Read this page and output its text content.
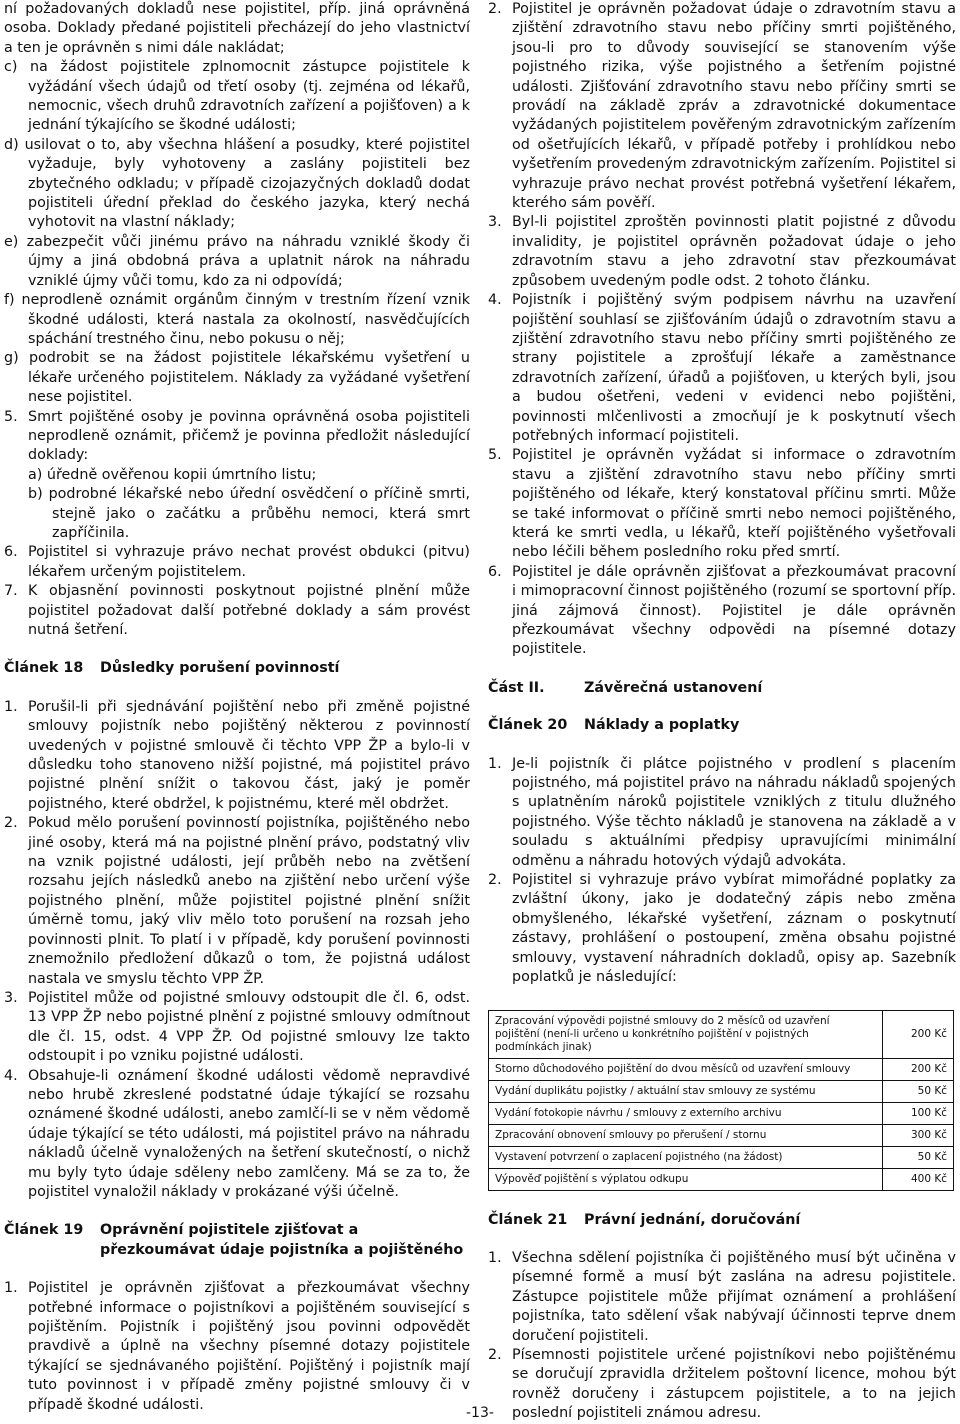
ní požadovaných dokladů nese pojistitel, příp. jiná oprávněná osoba. Doklady předané pojistiteli přecházejí do jeho vlastnictví a ten je oprávněn s nimi dále nakládat;

c) na žádost pojistitele zplnomocnit zástupce pojistitele k vyžádání všech údajů od třetí osoby (tj. zejména od lékařů, nemocnic, všech druhů zdravotních zařízení a pojišťoven) a k jednání týkajícího se škodné události;

d) usilovat o to, aby všechna hlášení a posudky, které pojistitel vyžaduje, byly vyhotoveny a zaslány pojistiteli bez zbytečného odkladu; v případě cizojazyčných dokladů dodat pojistiteli úřední překlad do českého jazyka, který nechá vyhotovit na vlastní náklady;

e) zabezpečit vůči jinému právo na náhradu vzniklé škody či újmy a jiná obdobná práva a uplatnit nárok na náhradu vzniklé újmy vůči tomu, kdo za ni odpovídá;

f) neprodleně oznámit orgánům činným v trestním řízení vznik škodné události, která nastala za okolností, nasvědčujících spáchání trestného činu, nebo pokusu o něj;

g) podrobit se na žádost pojistitele lékařskému vyšetření u lékaře určeného pojistitelem. Náklady za vyžádané vyšetření nese pojistitel.

5. Smrt pojištěné osoby je povinna oprávněná osoba pojistiteli neprodleně oznámit, přičemž je povinna předložit následující doklady:

a) úředně ověřenou kopii úmrtního listu;

b) podrobné lékařské nebo úřední osvědčení o příčině smrti, stejně jako o začátku a průběhu nemoci, která smrt zapříčinila.

6. Pojistitel si vyhrazuje právo nechat provést obdukci (pitvu) lékařem určeným pojistitelem.

7. K objasnění povinnosti poskytnout pojistné plnění může pojistitel požadovat další potřebné doklady a sám provést nutná šetření.

Článek 18	Důsledky porušení povinností
1. Porušil-li při sjednávání pojištění nebo při změně pojistné smlouvy pojistník nebo pojištěný některou z povinností uvedených v pojistné smlouvě či těchto VPP ŽP a bylo-li v důsledku toho stanoveno nižší pojistné, má pojistitel právo pojistné plnění snížit o takovou část, jaký je poměr pojistného, které obdržel, k pojistnému, které měl obdržet.

2. Pokud mělo porušení povinností pojistníka, pojištěného nebo jiné osoby, která má na pojistné plnění právo, podstatný vliv na vznik pojistné události, její průběh nebo na zvětšení rozsahu jejích následků anebo na zjištění nebo určení výše pojistného plnění, může pojistitel pojistné plnění snížit úměrně tomu, jaký vliv mělo toto porušení na rozsah jeho povinnosti plnit. To platí i v případě, kdy porušení povinnosti znemožnilo předložení důkazů o tom, že pojistná událost nastala ve smyslu těchto VPP ŽP.

3. Pojistitel může od pojistné smlouvy odstoupit dle čl. 6, odst. 13 VPP ŽP nebo pojistné plnění z pojistné smlouvy odmítnout dle čl. 15, odst. 4 VPP ŽP. Od pojistné smlouvy lze takto odstoupit i po vzniku pojistné události.

4. Obsahuje-li oznámení škodné události vědomě nepravdivé nebo hrubě zkreslené podstatné údaje týkající se rozsahu oznámené škodné události, anebo zamlčí-li se v něm vědomě údaje týkající se této události, má pojistitel právo na náhradu nákladů účelně vynaložených na šetření skutečností, o nichž mu byly tyto údaje sděleny nebo zamlčeny. Má se za to, že pojistitel vynaložil náklady v prokázané výši účelně.

Článek 19	Oprávnění pojistitele zjišťovat a přezkoumávat údaje pojistníka a pojištěného
1. Pojistitel je oprávněn zjišťovat a přezkoumávat všechny potřebné informace o pojistníkovi a pojištěném související s pojištěním. Pojistník i pojištěný jsou povinni odpovědět pravdivě a úplně na všechny písemné dotazy pojistitele týkající se sjednávaného pojištění. Pojištěný i pojistník mají tuto povinnost i v případě změny pojistné smlouvy či v případě škodné události.

2. Pojistitel je oprávněn požadovat údaje o zdravotním stavu a zjištění zdravotního stavu nebo příčiny smrti pojištěného, jsou-li pro to důvody související se stanovením výše pojistného rizika, výše pojistného a šetřením pojistné události. Zjišťování zdravotního stavu nebo příčiny smrti se provádí na základě zpráv a zdravotnické dokumentace vyžádaných pojistitelem pověřeným zdravotnickým zařízením od ošetřujících lékařů, v případě potřeby i prohlídkou nebo vyšetřením provedeným zdravotnickým zařízením. Pojistitel si vyhrazuje právo nechat provést potřebná vyšetření lékařem, kterého sám pověří.

3. Byl-li pojistitel zproštěn povinnosti platit pojistné z důvodu invalidity, je pojistitel oprávněn požadovat údaje o jeho zdravotním stavu a jeho zdravotní stav přezkoumávat způsobem uvedeným podle odst. 2 tohoto článku.

4. Pojistník i pojištěný svým podpisem návrhu na uzavření pojištění souhlasí se zjišťováním údajů o zdravotním stavu a zjištění zdravotního stavu nebo příčiny smrti pojištěného ze strany pojistitele a zprošťují lékaře a zaměstnance zdravotních zařízení, úřadů a pojišťoven, u kterých byli, jsou a budou ošetřeni, vedeni v evidenci nebo pojištěni, povinnosti mlčenlivosti a zmocňují je k poskytnutí všech potřebných informací pojistiteli.

5. Pojistitel je oprávněn vyžádat si informace o zdravotním stavu a zjištění zdravotního stavu nebo příčiny smrti pojištěného od lékaře, který konstatoval příčinu smrti. Může se také informovat o příčině smrti nebo nemoci pojištěného, která ke smrti vedla, u lékařů, kteří pojištěného vyšetřovali nebo léčili během posledního roku před smrtí.

6. Pojistitel je dále oprávněn zjišťovat a přezkoumávat pracovní i mimopracovní činnost pojištěného (rozumí se sportovní příp. jiná zájmová činnost). Pojistitel je dále oprávněn přezkoumávat všechny odpovědi na písemné dotazy pojistitele.

Část II.	Závěrečná ustanovení
Článek 20	Náklady a poplatky
1. Je-li pojistník či plátce pojistného v prodlení s placením pojistného, má pojistitel právo na náhradu nákladů spojených s uplatněním nároků pojistitele vzniklých z titulu dlužného pojistného. Výše těchto nákladů je stanovena na základě a v souladu s aktuálními předpisy upravujícími minimální odměnu a náhradu hotových výdajů advokáta.

2. Pojistitel si vyhrazuje právo vybírat mimořádné poplatky za zvláštní úkony, jako je dodatečný zápis nebo změna obmyšleného, lékařské vyšetření, záznam o poskytnutí zástavy, prohlášení o postoupení, změna obsahu pojistné smlouvy, vystavení náhradních dokladů, opisy ap. Sazebník poplatků je následující:

Zpracování výpovědi pojistné smlouvy do 2 měsíců od uzavření pojištění (není-li určeno u konkrétního pojištění v pojistných podmínkách jinak)	200 Kč
Storno důchodového pojištění do dvou měsíců od uzavření smlouvy	200 Kč
Vydání duplikátu pojistky / aktuální stav smlouvy ze systému	50 Kč
Vydání fotokopie návrhu / smlouvy z externího archivu	100 Kč
Zpracování obnovení smlouvy po přerušení / stornu	300 Kč
Vystavení potvrzení o zaplacení pojistného (na žádost)	50 Kč
Výpověď pojištění s výplatou odkupu	400 Kč
Článek 21	Právní jednání, doručování
1. Všechna sdělení pojistníka či pojištěného musí být učiněna v písemné formě a musí být zaslána na adresu pojistitele. Zástupce pojistitele může přijímat oznámení a prohlášení pojistníka, tato sdělení však nabývají účinnosti teprve dnem doručení pojistiteli.

2. Písemnosti pojistitele určené pojistníkovi nebo pojištěnému se doručují zpravidla držitelem poštovní licence, mohou být rovněž doručeny i zástupcem pojistitele, a to na jejich poslední pojistiteli známou adresu.

-13-
